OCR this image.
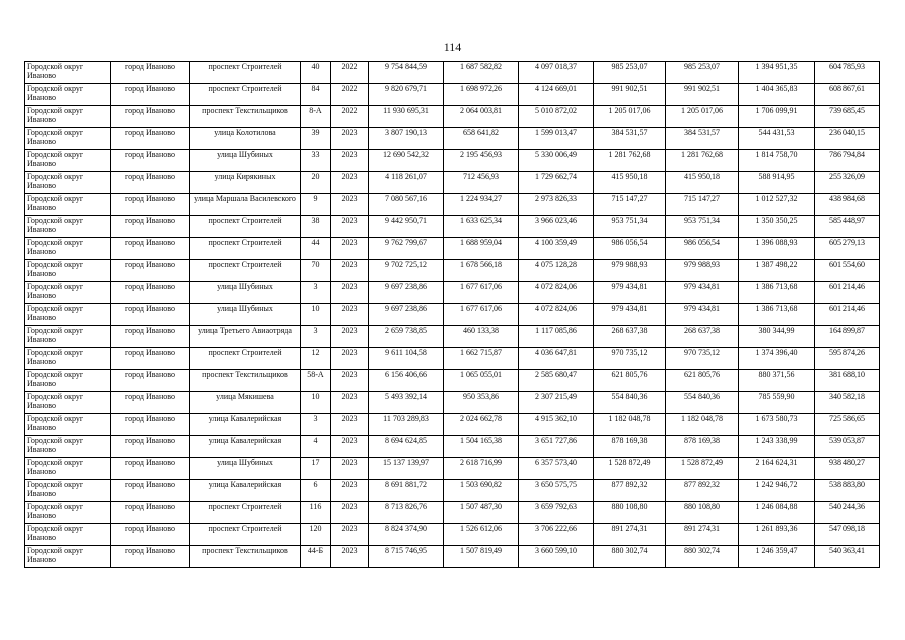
114
Городской округ Иваново	город Иваново	проспект Строителей	40	2022	9 754 844,59	1 687 582,82	4 097 018,37	985 253,07	985 253,07	1 394 951,35	604 785,93
Городской округ Иваново	город Иваново	проспект Строителей	84	2022	9 820 679,71	1 698 972,26	4 124 669,01	991 902,51	991 902,51	1 404 365,83	608 867,61
Городской округ Иваново	город Иваново	проспект Текстильщиков	8-А	2022	11 930 695,31	2 064 003,81	5 010 872,02	1 205 017,06	1 205 017,06	1 706 099,91	739 685,45
Городской округ Иваново	город Иваново	улица Колотилова	39	2023	3 807 190,13	658 641,82	1 599 013,47	384 531,57	384 531,57	544 431,53	236 040,15
Городской округ Иваново	город Иваново	улица Шубиных	33	2023	12 690 542,32	2 195 456,93	5 330 006,49	1 281 762,68	1 281 762,68	1 814 758,70	786 794,84
Городской округ Иваново	город Иваново	улица Кирякиных	20	2023	4 118 261,07	712 456,93	1 729 662,74	415 950,18	415 950,18	588 914,95	255 326,09
Городской округ Иваново	город Иваново	улица Маршала Василевского	9	2023	7 080 567,16	1 224 934,27	2 973 826,33	715 147,27	715 147,27	1 012 527,32	438 984,68
Городской округ Иваново	город Иваново	проспект Строителей	38	2023	9 442 950,71	1 633 625,34	3 966 023,46	953 751,34	953 751,34	1 350 350,25	585 448,97
Городской округ Иваново	город Иваново	проспект Строителей	44	2023	9 762 799,67	1 688 959,04	4 100 359,49	986 056,54	986 056,54	1 396 088,93	605 279,13
Городской округ Иваново	город Иваново	проспект Строителей	70	2023	9 702 725,12	1 678 566,18	4 075 128,28	979 988,93	979 988,93	1 387 498,22	601 554,60
Городской округ Иваново	город Иваново	улица Шубиных	3	2023	9 697 238,86	1 677 617,06	4 072 824,06	979 434,81	979 434,81	1 386 713,68	601 214,46
Городской округ Иваново	город Иваново	улица Шубиных	10	2023	9 697 238,86	1 677 617,06	4 072 824,06	979 434,81	979 434,81	1 386 713,68	601 214,46
Городской округ Иваново	город Иваново	улица Третьего Авиаотряда	3	2023	2 659 738,85	460 133,38	1 117 085,86	268 637,38	268 637,38	380 344,99	164 899,87
Городской округ Иваново	город Иваново	проспект Строителей	12	2023	9 611 104,58	1 662 715,87	4 036 647,81	970 735,12	970 735,12	1 374 396,40	595 874,26
Городской округ Иваново	город Иваново	проспект Текстильщиков	58-А	2023	6 156 406,66	1 065 055,01	2 585 680,47	621 805,76	621 805,76	880 371,56	381 688,10
Городской округ Иваново	город Иваново	улица Мякишева	10	2023	5 493 392,14	950 353,86	2 307 215,49	554 840,36	554 840,36	785 559,90	340 582,18
Городской округ Иваново	город Иваново	улица Кавалерийская	3	2023	11 703 289,83	2 024 662,78	4 915 362,10	1 182 048,78	1 182 048,78	1 673 580,73	725 586,65
Городской округ Иваново	город Иваново	улица Кавалерийская	4	2023	8 694 624,85	1 504 165,38	3 651 727,86	878 169,38	878 169,38	1 243 338,99	539 053,87
Городской округ Иваново	город Иваново	улица Шубиных	17	2023	15 137 139,97	2 618 716,99	6 357 573,40	1 528 872,49	1 528 872,49	2 164 624,31	938 480,27
Городской округ Иваново	город Иваново	улица Кавалерийская	6	2023	8 691 881,72	1 503 690,82	3 650 575,75	877 892,32	877 892,32	1 242 946,72	538 883,80
Городской округ Иваново	город Иваново	проспект Строителей	116	2023	8 713 826,76	1 507 487,30	3 659 792,63	880 108,80	880 108,80	1 246 084,88	540 244,36
Городской округ Иваново	город Иваново	проспект Строителей	120	2023	8 824 374,90	1 526 612,06	3 706 222,66	891 274,31	891 274,31	1 261 893,36	547 098,18
Городской округ Иваново	город Иваново	проспект Текстильщиков	44-Б	2023	8 715 746,95	1 507 819,49	3 660 599,10	880 302,74	880 302,74	1 246 359,47	540 363,41
